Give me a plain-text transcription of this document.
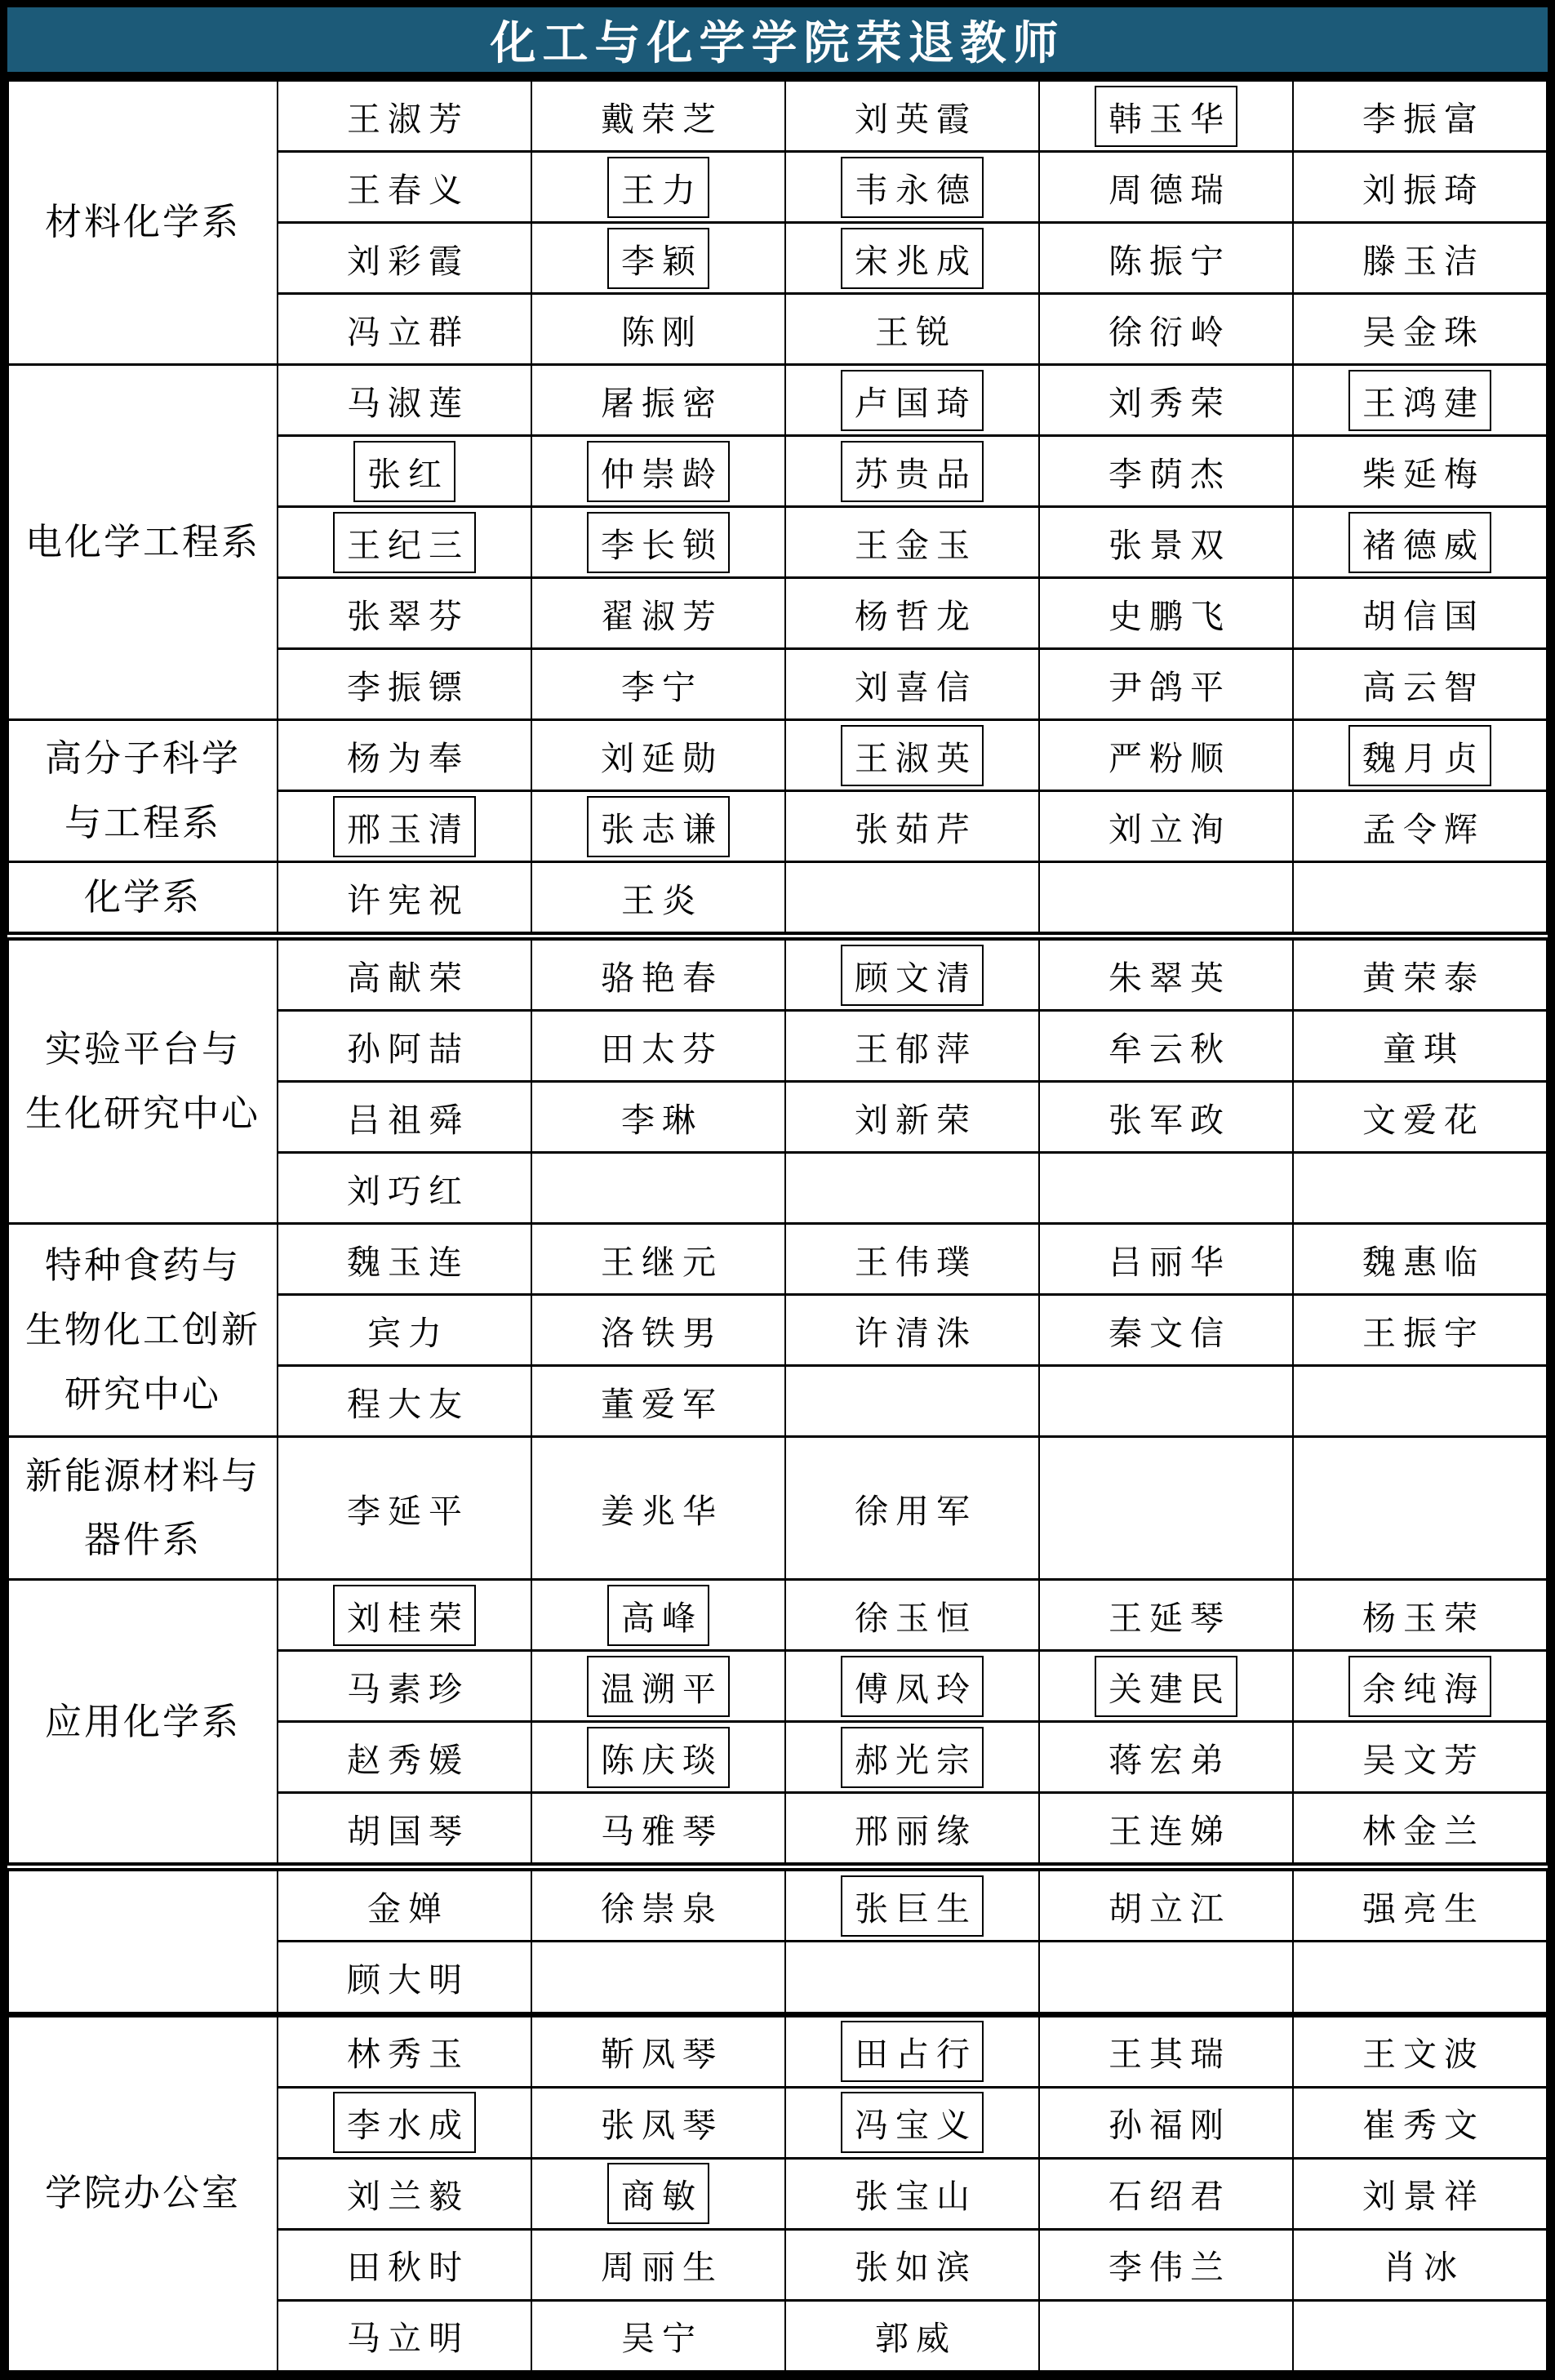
化工与化学学院荣退教师
材料化学系	王淑芳	戴荣芝	刘英霞	韩玉华	李振富
	王春义	王力	韦永德	周德瑞	刘振琦
	刘彩霞	李颖	宋兆成	陈振宁	滕玉洁
	冯立群	陈刚	王锐	徐衍岭	吴金珠

电化学工程系	马淑莲	屠振密	卢国琦	刘秀荣	王鸿建
	张红	仲崇龄	苏贵品	李荫杰	柴延梅
	王纪三	李长锁	王金玉	张景双	褚德威
	张翠芬	翟淑芳	杨哲龙	史鹏飞	胡信国
	李振镖	李宁	刘喜信	尹鸽平	高云智

高分子科学
与工程系	杨为奉	刘延勋	王淑英	严粉顺	魏月贞
	邢玉清	张志谦	张茹芹	刘立洵	孟令辉

化学系	许宪祝	王炎			

实验平台与
生化研究中心	高献荣	骆艳春	顾文清	朱翠英	黄荣泰
	孙阿喆	田太芬	王郁萍	牟云秋	童琪
	吕祖舜	李琳	刘新荣	张军政	文爱花
	刘巧红				

特种食药与
生物化工创新
研究中心	魏玉连	王继元	王伟璞	吕丽华	魏惠临
	宾力	洛铁男	许清洙	秦文信	王振宇
	程大友	董爱军			

新能源材料与
器件系	李延平	姜兆华	徐用军		

应用化学系	刘桂荣	高峰	徐玉恒	王延琴	杨玉荣
	马素珍	温溯平	傅凤玲	关建民	余纯海
	赵秀媛	陈庆琰	郝光宗	蒋宏弟	吴文芳
	胡国琴	马雅琴	邢丽缘	王连娣	林金兰
	金婵	徐崇泉	张巨生	胡立江	强亮生
	顾大明				

学院办公室	林秀玉	靳凤琴	田占行	王其瑞	王文波
	李水成	张凤琴	冯宝义	孙福刚	崔秀文
	刘兰毅	商敏	张宝山	石绍君	刘景祥
	田秋时	周丽生	张如滨	李伟兰	肖冰
	马立明	吴宁	郭威		
